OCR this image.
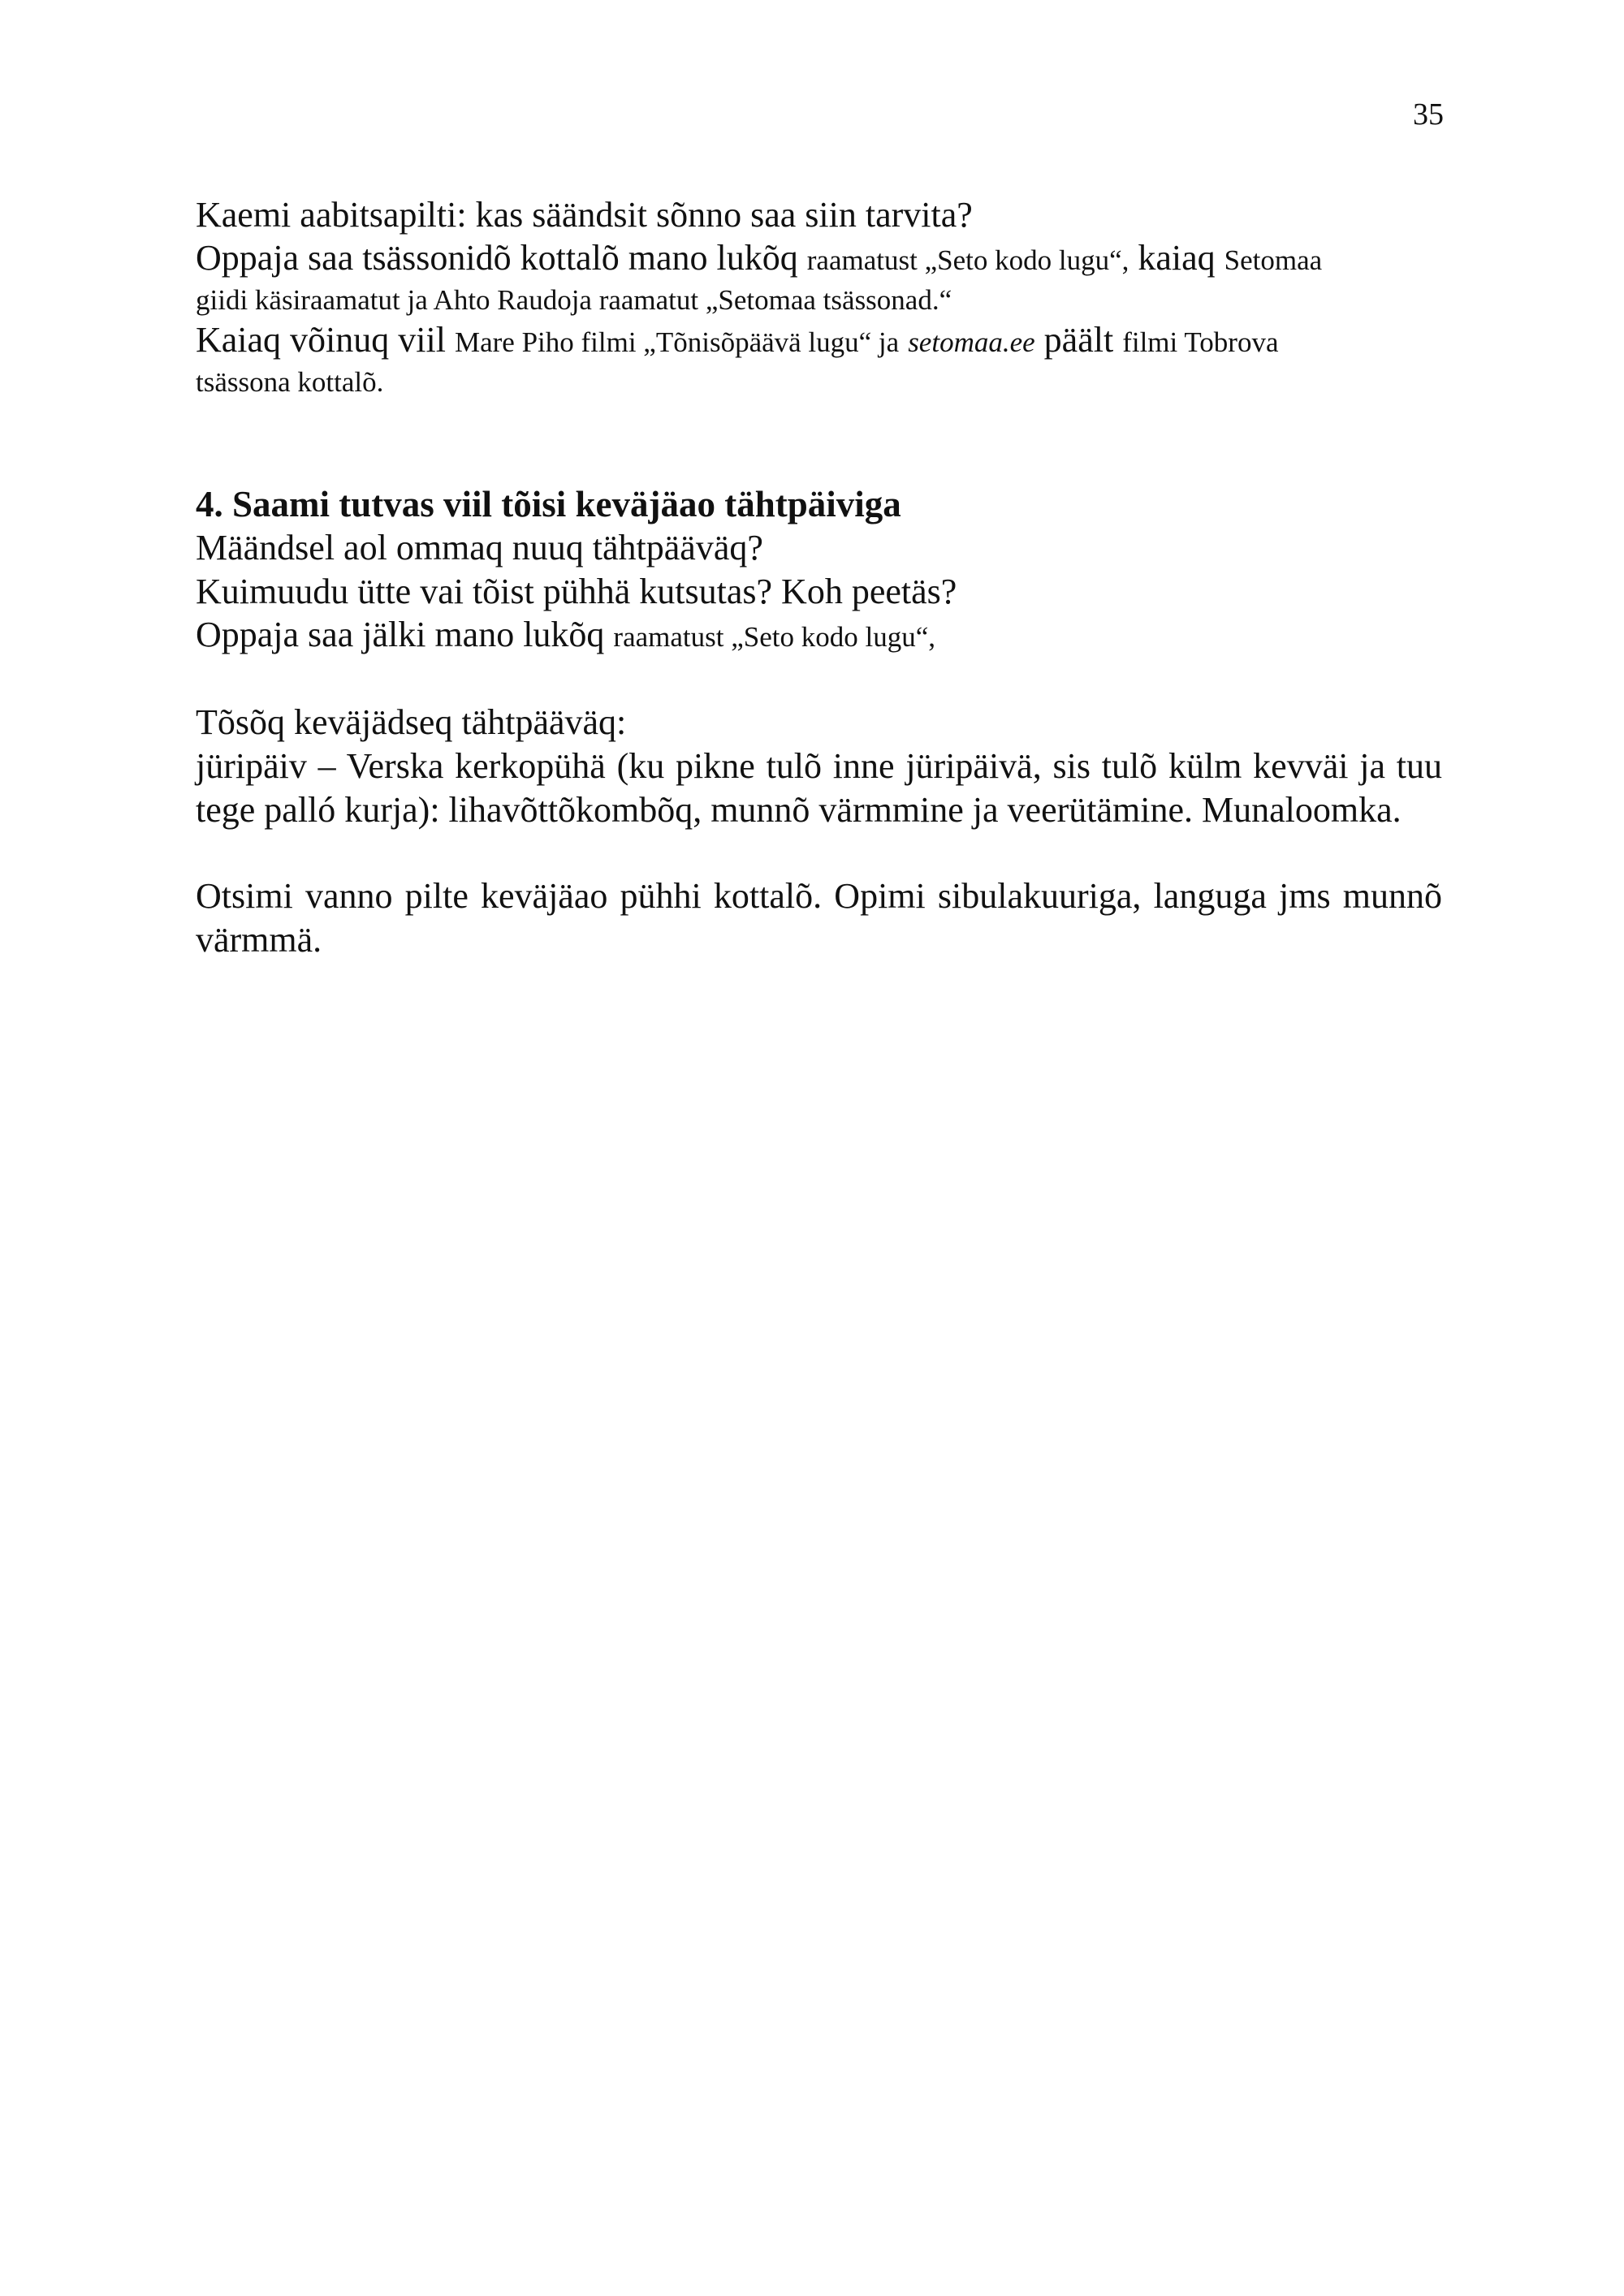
35

Kaemi aabitsapilti: kas säändsit sõnno saa siin tarvita?

Oppaja saa tsässonidõ kottalõ mano lukõq raamatust „Seto kodo lugu“, kaiaq Setomaa

giidi käsiraamatut ja Ahto Raudoja raamatut „Setomaa tsässonad.“

Kaiaq võinuq viil Mare Piho filmi „Tõnisõpäävä lugu“ ja setomaa.ee päält filmi Tobrova

tsässona kottalõ.

4. Saami tutvas viil tõisi keväjäao tähtpäiviga

Määndsel aol ommaq nuuq tähtpääväq?

Kuimuudu ütte vai tõist pühhä kutsutas? Koh peetäs?

Oppaja saa jälki mano lukõq raamatust „Seto kodo lugu“,

Tõsõq keväjädseq tähtpääväq:

jüripäiv – Verska kerkopühä (ku pikne tulõ inne jüripäivä, sis tulõ külm kevväi ja tuu tege palló kurja): lihavõttõkombõq, munnõ värmmine ja veerütämine. Munaloomka.

Otsimi vanno pilte keväjäao pühhi kottalõ. Opimi sibulakuuriga, languga jms munnõ värmmä.
